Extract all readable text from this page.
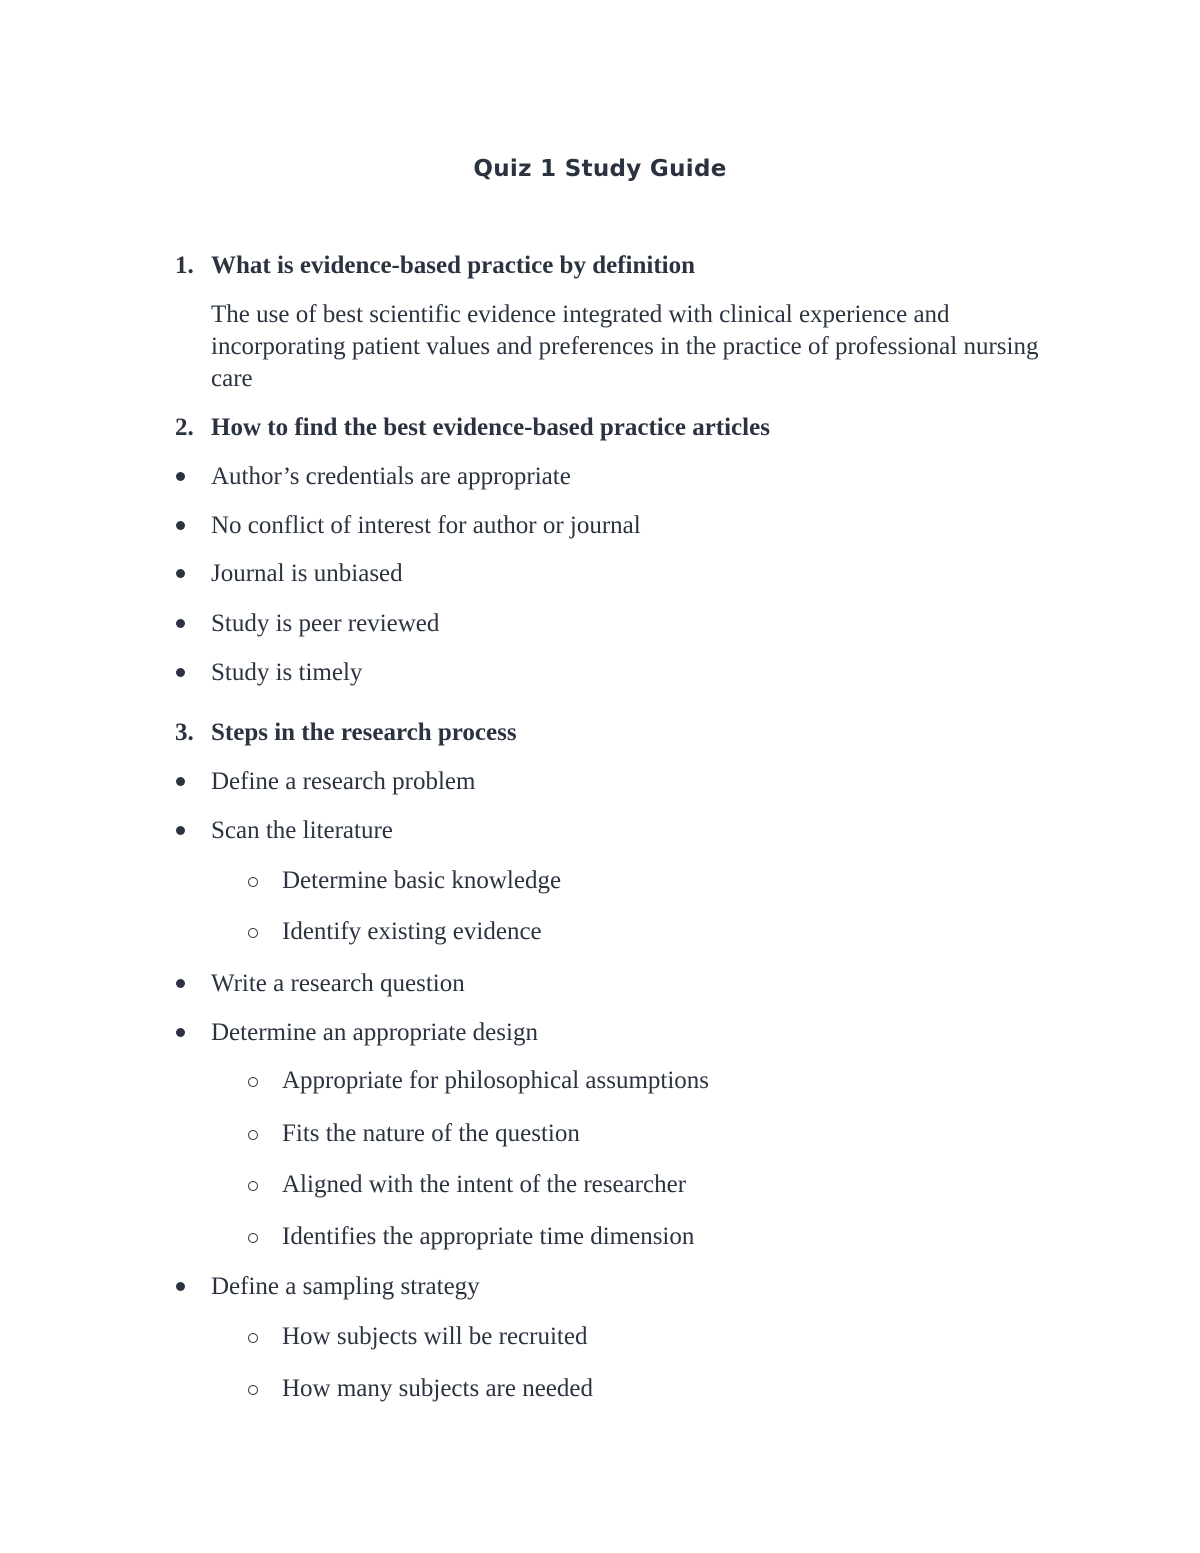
Quiz 1 Study Guide
1. What is evidence-based practice by definition
The use of best scientific evidence integrated with clinical experience and incorporating patient values and preferences in the practice of professional nursing care
2. How to find the best evidence-based practice articles
Author’s credentials are appropriate
No conflict of interest for author or journal
Journal is unbiased
Study is peer reviewed
Study is timely
3. Steps in the research process
Define a research problem
Scan the literature
Determine basic knowledge
Identify existing evidence
Write a research question
Determine an appropriate design
Appropriate for philosophical assumptions
Fits the nature of the question
Aligned with the intent of the researcher
Identifies the appropriate time dimension
Define a sampling strategy
How subjects will be recruited
How many subjects are needed
